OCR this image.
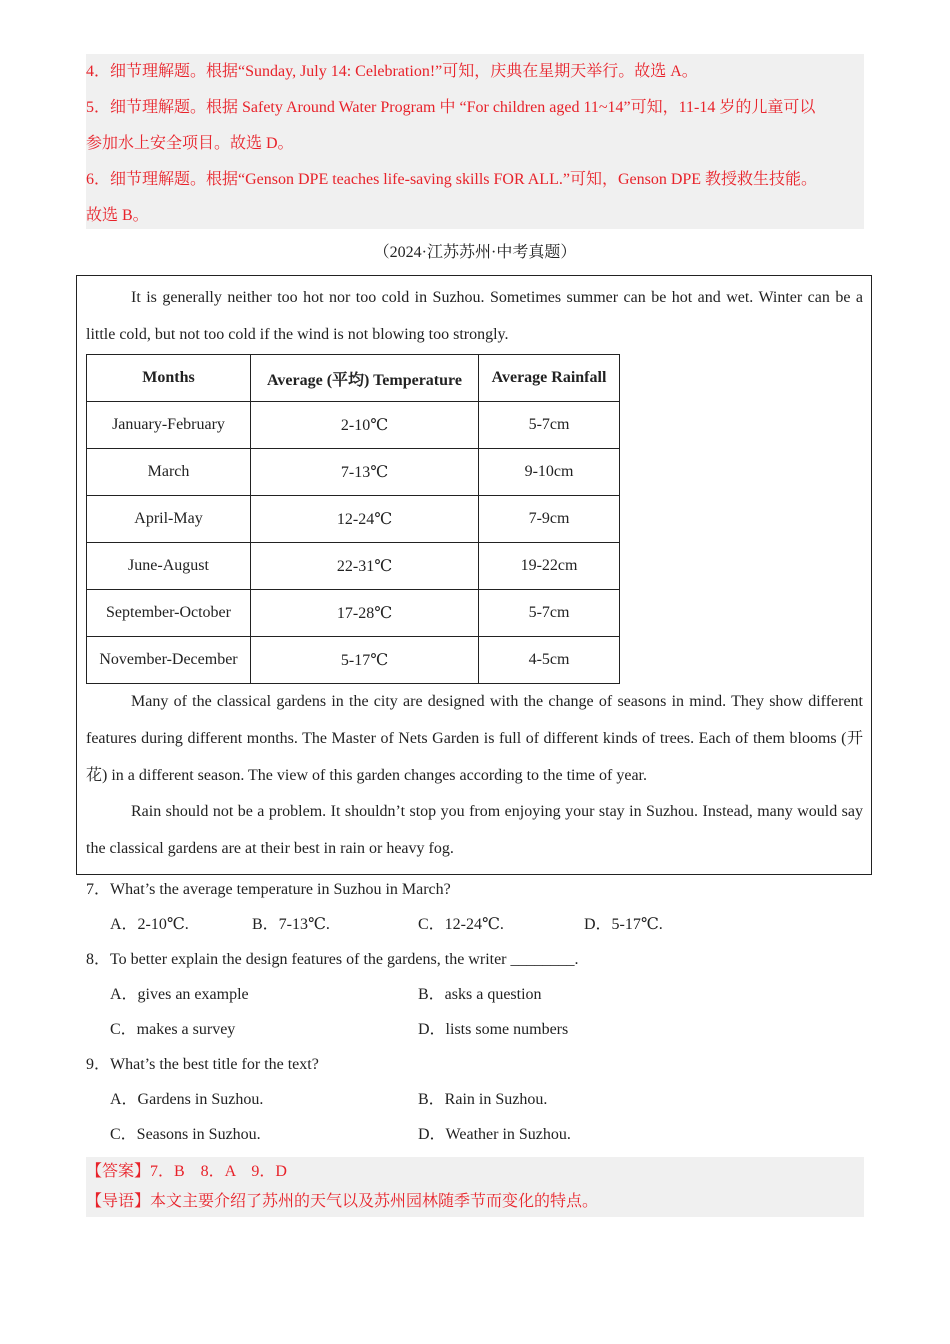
4．细节理解题。根据“Sunday, July 14: Celebration!”可知，庆典在星期天举行。故选 A。

5．细节理解题。根据 Safety Around Water Program 中 “For children aged 11~14”可知，11-14 岁的儿童可以

参加水上安全项目。故选 D。

6．细节理解题。根据“Genson DPE teaches life-saving skills FOR ALL.”可知，Genson DPE 教授救生技能。

故选 B。

（2024·江苏苏州·中考真题）

It is generally neither too hot nor too cold in Suzhou. Sometimes summer can be hot and wet. Winter can be a little cold, but not too cold if the wind is not blowing too strongly.

Months	Average (平均) Temperature	Average Rainfall
January-February	2-10℃	5-7cm
March	7-13℃	9-10cm
April-May	12-24℃	7-9cm
June-August	22-31℃	19-22cm
September-October	17-28℃	5-7cm
November-December	5-17℃	4-5cm

Many of the classical gardens in the city are designed with the change of seasons in mind. They show different features during different months. The Master of Nets Garden is full of different kinds of trees. Each of them blooms (开花) in a different season. The view of this garden changes according to the time of year.

Rain should not be a problem. It shouldn’t stop you from enjoying your stay in Suzhou. Instead, many would say the classical gardens are at their best in rain or heavy fog.

7．What’s the average temperature in Suzhou in March?

A．2-10℃.	B．7-13℃.	C．12-24℃.	D．5-17℃.

8．To better explain the design features of the gardens, the writer ________.

A．gives an example	B．asks a question
C．makes a survey	D．lists some numbers

9．What’s the best title for the text?

A．Gardens in Suzhou.	B．Rain in Suzhou.
C．Seasons in Suzhou.	D．Weather in Suzhou.

【答案】7．B　8．A　9．D

【导语】本文主要介绍了苏州的天气以及苏州园林随季节而变化的特点。
